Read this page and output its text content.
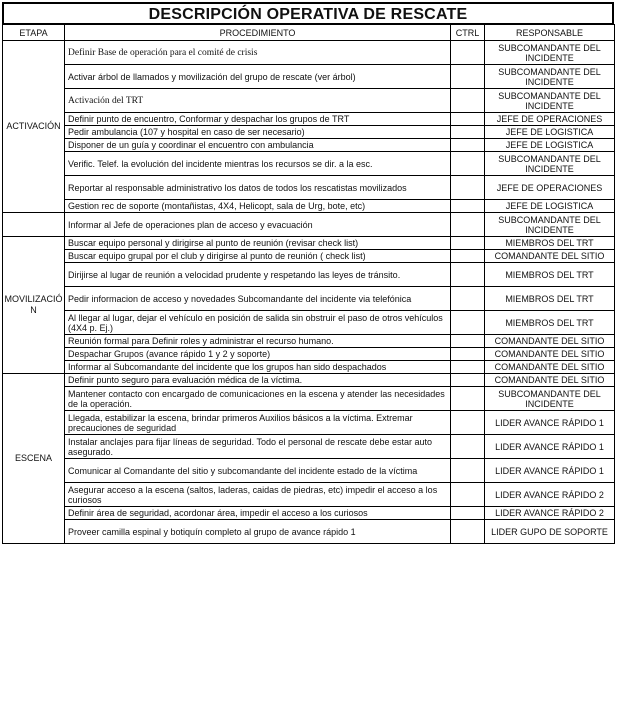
DESCRIPCIÓN OPERATIVA DE RESCATE
ETAPA	PROCEDIMIENTO	CTRL	RESPONSABLE
ACTIVACIÓN	Definir Base de operación para el comité de crisis		SUBCOMANDANTE DEL INCIDENTE
	Activar árbol de llamados y movilización del grupo de rescate (ver árbol)		SUBCOMANDANTE DEL INCIDENTE
	Activación del TRT		SUBCOMANDANTE DEL INCIDENTE
	Definir punto de encuentro, Conformar y despachar los grupos de TRT		JEFE DE OPERACIONES
	Pedir ambulancia (107 y hospital en caso de ser necesario)		JEFE DE LOGISTICA
	Disponer de un guía y coordinar el encuentro con ambulancia		JEFE DE LOGISTICA
	Verific. Telef. la evolución del incidente mientras los recursos se dir. a la esc.		SUBCOMANDANTE DEL INCIDENTE
	Reportar al responsable administrativo los datos de todos los rescatistas movilizados		JEFE DE OPERACIONES
	Gestion rec de soporte (montañistas, 4X4, Helicopt, sala de Urg, bote, etc)		JEFE DE LOGISTICA
	Informar al Jefe de operaciones plan de acceso y evacuación		SUBCOMANDANTE DEL INCIDENTE
MOVILIZACIÓN	Buscar equipo personal y dirigirse al punto de reunión (revisar check list)		MIEMBROS DEL TRT
	Buscar equipo grupal por el club y dirigirse al punto de reunión ( check list)		COMANDANTE DEL SITIO
	Dirijirse al lugar de reunión a velocidad prudente y respetando las leyes de tránsito.		MIEMBROS DEL TRT
	Pedir informacion de acceso y novedades Subcomandante del incidente via telefónica		MIEMBROS DEL TRT
	Al llegar al lugar, dejar el vehículo en posición de salida sin obstruir el paso de otros vehículos (4X4 p. Ej.)		MIEMBROS DEL TRT
	Reunión formal para Definir roles y administrar el recurso humano.		COMANDANTE DEL SITIO
	Despachar Grupos (avance rápido 1 y 2 y soporte)		COMANDANTE DEL SITIO
	Informar al Subcomandante del incidente que los grupos han sido despachados		COMANDANTE DEL SITIO
ESCENA	Definir punto seguro para evaluación médica de la víctima.		COMANDANTE DEL SITIO
	Mantener contacto con encargado de comunicaciones en la escena y atender las necesidades de la operación.		SUBCOMANDANTE DEL INCIDENTE
	Llegada, estabilizar la escena, brindar primeros Auxilios básicos a la víctima. Extremar precauciones de seguridad		LIDER AVANCE RÁPIDO 1
	Instalar anclajes para fijar líneas de seguridad. Todo el personal de rescate debe estar auto asegurado.		LIDER AVANCE RÁPIDO 1
	Comunicar al Comandante del sitio y subcomandante del incidente estado de la víctima		LIDER AVANCE RÁPIDO 1
	Asegurar acceso a la escena (saltos, laderas, caidas de piedras, etc) impedir el acceso a los curiosos		LIDER AVANCE RÁPIDO 2
	Definir área de seguridad, acordonar área, impedir el acceso a los curiosos		LIDER AVANCE RÁPIDO 2
	Proveer camilla espinal y botiquín completo al grupo de avance rápido 1		LIDER GUPO DE SOPORTE
